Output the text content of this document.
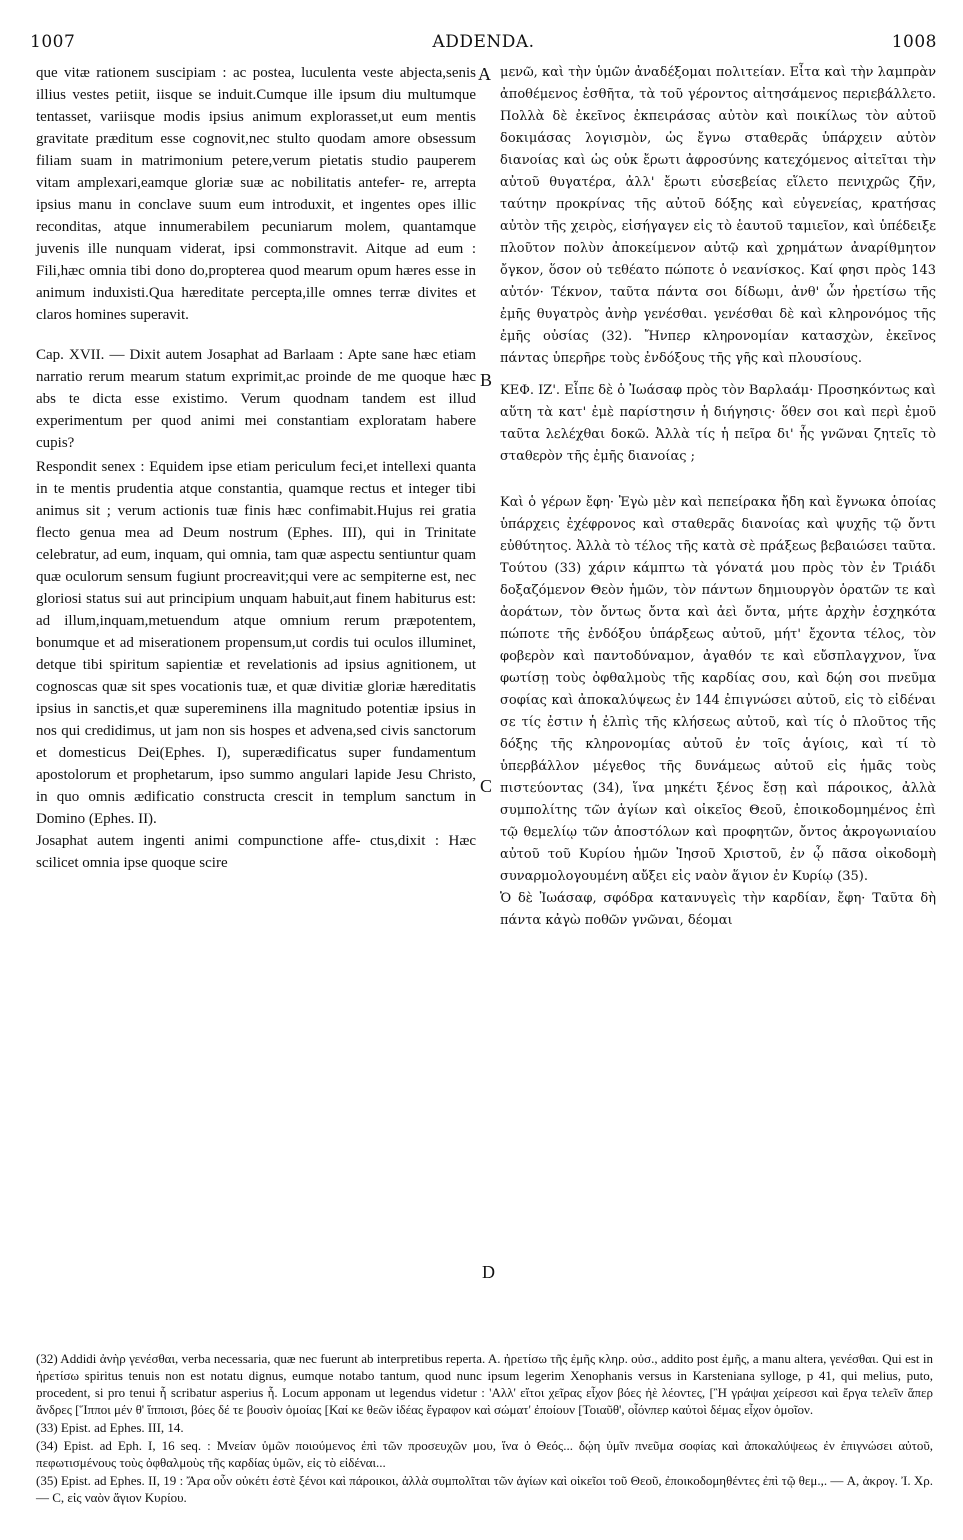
1007	ADDENDA.	1008

que vitæ rationem suscipiam : ac postea, luculenta veste abjecta,senis illius vestes petiit, iisque se induit.Cumque ille ipsum diu multumque tentasset, variisque modis ipsius animum explorasset,ut eum mentis gravitate præditum esse cognovit,nec stulto quodam amore obsessum filiam suam in matrimonium petere,verum pietatis studio pauperem vitam amplexari,eamque gloriæ suæ ac nobilitatis antefer- re, arrepta ipsius manu in conclave suum eum introduxit, et ingentes opes illic reconditas, atque innumerabilem pecuniarum molem, quantamque juvenis ille nunquam viderat, ipsi commonstravit. Aitque ad eum : Fili,hæc omnia tibi dono do,propterea quod mearum opum hæres esse in animum induxisti.Qua hæreditate percepta,ille omnes terræ divites et claros homines superavit.

Cap. XVII. — Dixit autem Josaphat ad Barlaam : Apte sane hæc etiam narratio rerum mearum statum exprimit,ac proinde de me quoque hæc abs te dicta esse existimo. Verum quodnam tandem est illud experimentum per quod animi mei constantiam exploratam habere cupis?

Respondit senex : Equidem ipse etiam periculum feci,et intellexi quanta in te mentis prudentia atque constantia, quamque rectus et integer tibi animus sit ; verum actionis tuæ finis hæc confimabit.Hujus rei gratia flecto genua mea ad Deum nostrum (Ephes. III), qui in Trinitate celebratur, ad eum, inquam, qui omnia, tam quæ aspectu sentiuntur quam quæ oculorum sensum fugiunt procreavit;qui vere ac sempiterne est, nec gloriosi status sui aut principium unquam habuit,aut finem habiturus est: ad illum,inquam,metuendum atque omnium rerum præpotentem, bonumque et ad miserationem propensum,ut cordis tui oculos illuminet, detque tibi spiritum sapientiæ et revelationis ad ipsius agnitionem, ut cognoscas quæ sit spes vocationis tuæ, et quæ divitiæ gloriæ hæreditatis ipsius in sanctis,et quæ supereminens illa magnitudo potentiæ ipsius in nos qui credidimus, ut jam non sis hospes et advena,sed civis sanctorum et domesticus Dei(Ephes. I), superædificatus super fundamentum apostolorum et prophetarum, ipso summo angulari lapide Jesu Christo, in quo omnis ædificatio constructa crescit in templum sanctum in Domino (Ephes. II).

Josaphat autem ingenti animi compunctione affe- ctus,dixit : Hæc scilicet omnia ipse quoque scire

A
B
C
D

μενῶ, καὶ τὴν ὑμῶν ἀναδέξομαι πολιτείαν. Εἶτα καὶ τὴν λαμπρὰν ἀποθέμενος ἐσθῆτα, τὰ τοῦ γέροντος αἰτησάμενος περιεβάλλετο. Πολλὰ δὲ ἐκεῖνος ἐκπειράσας αὐτὸν καὶ ποικίλως τὸν αὐτοῦ δοκιμάσας λογισμὸν, ὡς ἔγνω σταθερᾶς ὑπάρχειν αὐτὸν διανοίας καὶ ὡς οὐκ ἔρωτι ἀφροσύνης κατεχόμενος αἰτεῖται τὴν αὐτοῦ θυγατέρα, ἀλλ' ἔρωτι εὐσεβείας εἵλετο πενιχρῶς ζῆν, ταύτην προκρίνας τῆς αὐτοῦ δόξης καὶ εὐγενείας, κρατήσας αὐτὸν τῆς χειρὸς, εἰσήγαγεν εἰς τὸ ἑαυτοῦ ταμιεῖον, καὶ ὑπέδειξε πλοῦτον πολὺν ἀποκείμενον αὐτῷ καὶ χρημάτων ἀναρίθμητον ὄγκον, ὅσον οὐ τεθέατο πώποτε ὁ νεανίσκος. Καί φησι πρὸς 143 αὐτόν· Τέκνον, ταῦτα πάντα σοι δίδωμι, ἀνθ' ὧν ἠρετίσω τῆς ἐμῆς θυγατρὸς ἀνὴρ γενέσθαι. γενέσθαι δὲ καὶ κληρονόμος τῆς ἐμῆς οὐσίας (32). Ἤνπερ κληρονομίαν κατασχὼν, ἐκεῖνος πάντας ὑπερῆρε τοὺς ἐνδόξους τῆς γῆς καὶ πλουσίους.

ΚΕΦ. ΙΖ'. Εἶπε δὲ ὁ Ἰωάσαφ πρὸς τὸν Βαρλαάμ· Προσηκόντως καὶ αὕτη τὰ κατ' ἐμὲ παρίστησιν ἡ διήγησις· ὅθεν σοι καὶ περὶ ἐμοῦ ταῦτα λελέχθαι δοκῶ. Ἀλλὰ τίς ἡ πεῖρα δι' ἧς γνῶναι ζητεῖς τὸ σταθερὸν τῆς ἐμῆς διανοίας ;

Καὶ ὁ γέρων ἔφη· Ἐγὼ μὲν καὶ πεπείρακα ἤδη καὶ ἔγνωκα ὁποίας ὑπάρχεις ἐχέφρονος καὶ σταθερᾶς διανοίας καὶ ψυχῆς τῷ ὄντι εὐθύτητος. Ἀλλὰ τὸ τέλος τῆς κατὰ σὲ πράξεως βεβαιώσει ταῦτα. Τούτου (33) χάριν κάμπτω τὰ γόνατά μου πρὸς τὸν ἐν Τριάδι δοξαζόμενον Θεὸν ἡμῶν, τὸν πάντων δημιουργὸν ὁρατῶν τε καὶ ἀοράτων, τὸν ὄντως ὄντα καὶ ἀεὶ ὄντα, μήτε ἀρχὴν ἐσχηκότα πώποτε τῆς ἐνδόξου ὑπάρξεως αὐτοῦ, μήτ' ἔχοντα τέλος, τὸν φοβερὸν καὶ παντοδύναμον, ἀγαθόν τε καὶ εὔσπλαγχνον, ἵνα φωτίσῃ τοὺς ὀφθαλμοὺς τῆς καρδίας σου, καὶ δῴη σοι πνεῦμα σοφίας καὶ ἀποκαλύψεως ἐν 144 ἐπιγνώσει αὐτοῦ, εἰς τὸ εἰδέναι σε τίς ἐστιν ἡ ἐλπὶς τῆς κλήσεως αὐτοῦ, καὶ τίς ὁ πλοῦτος τῆς δόξης τῆς κληρονομίας αὐτοῦ ἐν τοῖς ἁγίοις, καὶ τί τὸ ὑπερβάλλον μέγεθος τῆς δυνάμεως αὐτοῦ εἰς ἡμᾶς τοὺς πιστεύοντας (34), ἵνα μηκέτι ξένος ἔσῃ καὶ πάροικος, ἀλλὰ συμπολίτης τῶν ἁγίων καὶ οἰκεῖος Θεοῦ, ἐποικοδομημένος ἐπὶ τῷ θεμελίῳ τῶν ἀποστόλων καὶ προφητῶν, ὄντος ἀκρογωνιαίου αὐτοῦ τοῦ Κυρίου ἡμῶν Ἰησοῦ Χριστοῦ, ἐν ᾧ πᾶσα οἰκοδομὴ συναρμολογουμένη αὔξει εἰς ναὸν ἅγιον ἐν Κυρίῳ (35).

Ὁ δὲ Ἰωάσαφ, σφόδρα κατανυγεὶς τὴν καρδίαν, ἔφη· Ταῦτα δὴ πάντα κἀγὼ ποθῶν γνῶναι, δέομαι

(32) Addidi ἀνὴρ γενέσθαι, verba necessaria, quæ nec fuerunt ab interpretibus reperta. A. ἠρετίσω τῆς ἐμῆς κληρ. οὐσ., addito post ἐμῆς, a manu altera, γενέσθαι. Qui est in ἠρετίσω spiritus tenuis non est notatu dignus, eumque notabo tantum, quod nunc ipsum legerim Xenophanis versus in Karsteniana sylloge, p 41, qui melius, puto, procedent, si pro tenui ἧ scribatur asperius ἧ. Locum apponam ut legendus videtur : 'Αλλ' εἴτοι χεῖρας εἶχον βόες ἠὲ λέοντες, [Ἢ γράψαι χείρεσσι καὶ ἔργα τελεῖν ἅπερ ἄνδρες [Ἵπποι μέν θ' ἵπποισι, βόες δέ τε βουσὶν ὁμοίας [Καί κε θεῶν ἰδέας ἔγραφον καὶ σώματ' ἐποίουν [Τοιαῦθ', οἷόνπερ καὐτοὶ δέμας εἶχον ὁμοῖον.

(33) Epist. ad Ephes. III, 14.

(34) Epist. ad Eph. I, 16 seq. : Μνείαν ὑμῶν ποιούμενος ἐπὶ τῶν προσευχῶν μου, ἵνα ὁ Θεός... δῴη ὑμῖν πνεῦμα σοφίας καὶ ἀποκαλύψεως ἐν ἐπιγνώσει αὐτοῦ, πεφωτισμένους τοὺς ὀφθαλμοὺς τῆς καρδίας ὑμῶν, εἰς τὸ εἰδέναι...

(35) Epist. ad Ephes. II, 19 : Ἄρα οὖν οὐκέτι ἐστὲ ξένοι καὶ πάροικοι, ἀλλὰ συμπολῖται τῶν ἁγίων καὶ οἰκεῖοι τοῦ Θεοῦ, ἐποικοδομηθέντες ἐπὶ τῷ θεμ.,. — A, ἀκρογ. Ἰ. Χρ. — C, εἰς ναὸν ἅγιον Κυρίου.
